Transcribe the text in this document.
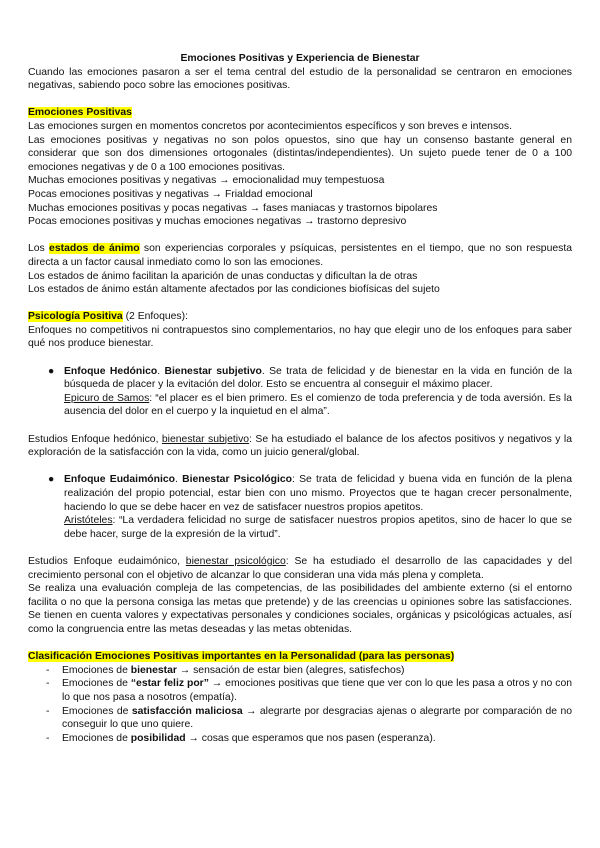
Emociones Positivas y Experiencia de Bienestar

Cuando las emociones pasaron a ser el tema central del estudio de la personalidad se centraron en emociones negativas, sabiendo poco sobre las emociones positivas.

Emociones Positivas

Las emociones surgen en momentos concretos por acontecimientos específicos y son breves e intensos.

Las emociones positivas y negativas no son polos opuestos, sino que hay un consenso bastante general en considerar que son dos dimensiones ortogonales (distintas/independientes). Un sujeto puede tener de 0 a 100 emociones negativas y de 0 a 100 emociones positivas.

Muchas emociones positivas y negativas → emocionalidad muy tempestuosa

Pocas emociones positivas y negativas → Frialdad emocional

Muchas emociones positivas y pocas negativas → fases maniacas y trastornos bipolares

Pocas emociones positivas y muchas emociones negativas → trastorno depresivo

Los estados de ánimo son experiencias corporales y psíquicas, persistentes en el tiempo, que no son respuesta directa a un factor causal inmediato como lo son las emociones.

Los estados de ánimo facilitan la aparición de unas conductas y dificultan la de otras

Los estados de ánimo están altamente afectados por las condiciones biofísicas del sujeto

Psicología Positiva (2 Enfoques):

Enfoques no competitivos ni contrapuestos sino complementarios, no hay que elegir uno de los enfoques para saber qué nos produce bienestar.

● Enfoque Hedónico. Bienestar subjetivo. Se trata de felicidad y de bienestar en la vida en función de la búsqueda de placer y la evitación del dolor. Esto se encuentra al conseguir el máximo placer.

Epicuro de Samos: “el placer es el bien primero. Es el comienzo de toda preferencia y de toda aversión. Es la ausencia del dolor en el cuerpo y la inquietud en el alma”.

Estudios Enfoque hedónico, bienestar subjetivo: Se ha estudiado el balance de los afectos positivos y negativos y la exploración de la satisfacción con la vida, como un juicio general/global.

● Enfoque Eudaimónico. Bienestar Psicológico: Se trata de felicidad y buena vida en función de la plena realización del propio potencial, estar bien con uno mismo. Proyectos que te hagan crecer personalmente, haciendo lo que se debe hacer en vez de satisfacer nuestros propios apetitos.

Aristóteles: “La verdadera felicidad no surge de satisfacer nuestros propios apetitos, sino de hacer lo que se debe hacer, surge de la expresión de la virtud”.

Estudios Enfoque eudaimónico, bienestar psicológico: Se ha estudiado el desarrollo de las capacidades y del crecimiento personal con el objetivo de alcanzar lo que consideran una vida más plena y completa.

Se realiza una evaluación compleja de las competencias, de las posibilidades del ambiente externo (si el entorno facilita o no que la persona consiga las metas que pretende) y de las creencias u opiniones sobre las satisfacciones. Se tienen en cuenta valores y expectativas personales y condiciones sociales, orgánicas y psicológicas actuales, así como la congruencia entre las metas deseadas y las metas obtenidas.

Clasificación Emociones Positivas importantes en la Personalidad (para las personas)

- Emociones de bienestar → sensación de estar bien (alegres, satisfechos)
- Emociones de “estar feliz por” → emociones positivas que tiene que ver con lo que les pasa a otros y no con lo que nos pasa a nosotros (empatía).
- Emociones de satisfacción maliciosa → alegrarte por desgracias ajenas o alegrarte por comparación de no conseguir lo que uno quiere.
- Emociones de posibilidad → cosas que esperamos que nos pasen (esperanza).
